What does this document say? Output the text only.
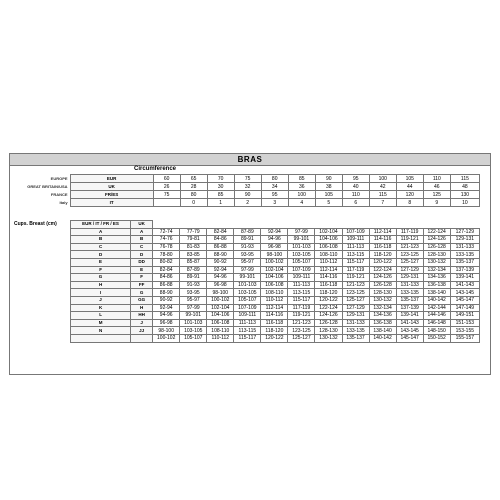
BRAS
Circumference
EUROPE	EUR	60	65	70	75	80	85	90	95	100	105	110	115
GREAT BRITAIN/USA	UK	26	28	30	32	34	36	38	40	42	44	46	48
FRANCE	FR/ES	75	80	85	90	95	100	105	110	115	120	125	130
Italy	IT		0	1	2	3	4	5	6	7	8	9	10
Cups. Breast (cm)	EUR / IT / FR / ES	UK												
A	A	72-74	77-79	82-84	87-89	92-94	97-99	102-104	107-109	112-114	117-119	122-124	127-129
B	B	74-76	79-81	84-86	89-91	94-96	99-101	104-106	109-111	114-116	119-121	124-126	129-131
C	C	76-78	81-83	86-88	91-93	96-98	101-103	106-108	111-113	116-118	121-123	126-128	131-133
D	D	78-80	83-85	88-90	93-95	98-100	103-105	108-110	113-115	118-120	123-125	128-130	133-135
E	DD	80-82	85-87	90-92	95-97	100-102	105-107	110-112	115-117	120-122	125-127	130-132	135-137
F	E	82-84	87-89	92-94	97-99	102-104	107-109	112-114	117-119	122-124	127-129	132-134	137-139
G	F	84-86	89-91	94-96	99-101	104-106	109-111	114-116	119-121	124-126	129-131	134-136	139-141
H	FF	86-88	91-93	96-98	101-103	106-108	111-113	116-118	121-123	126-128	131-133	136-138	141-143
I	G	88-90	93-95	98-100	103-105	108-110	113-115	118-120	123-125	128-130	133-135	138-140	143-145
J	GG	90-92	95-97	100-102	105-107	110-112	115-117	120-122	125-127	130-132	135-137	140-142	145-147
K	H	92-94	97-99	102-104	107-109	112-114	117-119	122-124	127-129	132-134	137-139	142-144	147-149
L	HH	94-96	99-101	104-106	109-111	114-116	119-121	124-126	129-131	134-136	139-141	144-146	149-151
M	J	96-98	101-103	106-108	111-113	116-118	121-123	126-128	131-133	136-138	141-143	146-148	151-153
N	JJ	98-100	103-105	108-110	113-115	118-120	123-125	128-130	133-135	138-140	143-145	148-150	153-155
		100-102	105-107	110-112	115-117	120-122	125-127	130-132	135-137	140-142	145-147	150-152	155-157
